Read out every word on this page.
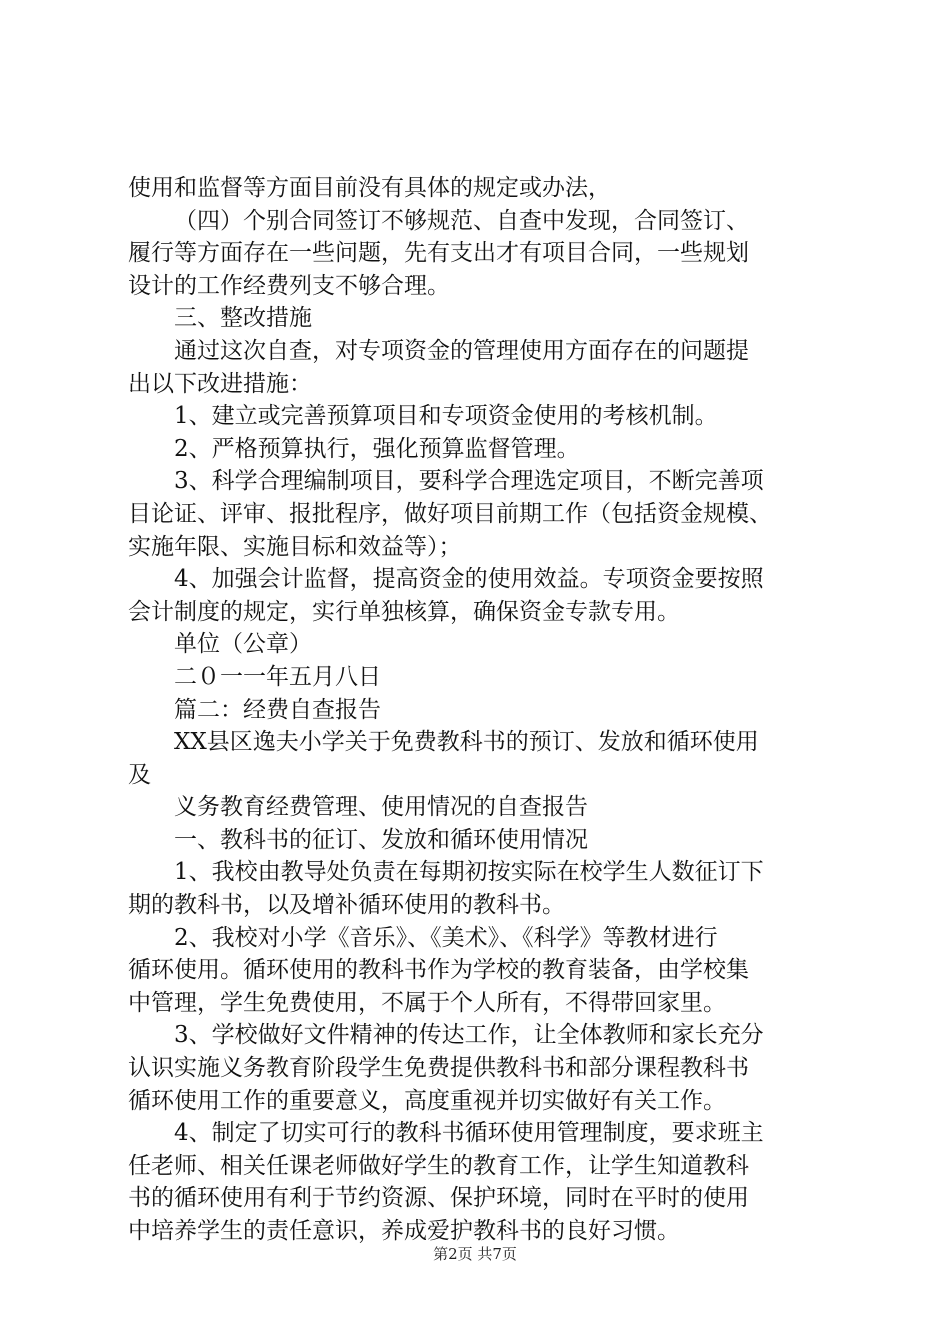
使用和监督等方面目前没有具体的规定或办法，
（四）个别合同签订不够规范、自查中发现，合同签订、
履行等方面存在一些问题，先有支出才有项目合同，一些规划
设计的工作经费列支不够合理。
三、整改措施
通过这次自查，对专项资金的管理使用方面存在的问题提
出以下改进措施：
1、建立或完善预算项目和专项资金使用的考核机制。
2、严格预算执行，强化预算监督管理。
3、科学合理编制项目，要科学合理选定项目，不断完善项
目论证、评审、报批程序，做好项目前期工作（包括资金规模、
实施年限、实施目标和效益等）；
4、加强会计监督，提高资金的使用效益。专项资金要按照
会计制度的规定，实行单独核算，确保资金专款专用。
单位（公章）
二０一一年五月八日
篇二：经费自查报告
XX县区逸夫小学关于免费教科书的预订、发放和循环使用
及
义务教育经费管理、使用情况的自查报告
一、教科书的征订、发放和循环使用情况
1、我校由教导处负责在每期初按实际在校学生人数征订下
期的教科书，以及增补循环使用的教科书。
2、我校对小学《音乐》、《美术》、《科学》等教材进行
循环使用。循环使用的教科书作为学校的教育装备，由学校集
中管理，学生免费使用，不属于个人所有，不得带回家里。
3、学校做好文件精神的传达工作，让全体教师和家长充分
认识实施义务教育阶段学生免费提供教科书和部分课程教科书
循环使用工作的重要意义，高度重视并切实做好有关工作。
4、制定了切实可行的教科书循环使用管理制度，要求班主
任老师、相关任课老师做好学生的教育工作，让学生知道教科
书的循环使用有利于节约资源、保护环境，同时在平时的使用
中培养学生的责任意识，养成爱护教科书的良好习惯。
第2页 共7页
